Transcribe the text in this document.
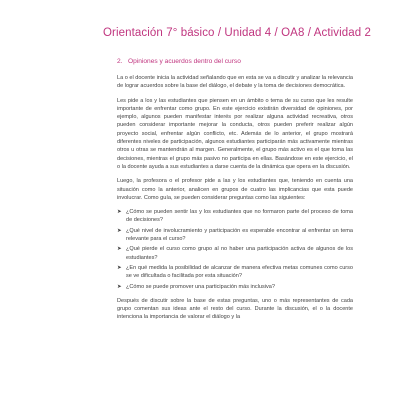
Orientación 7° básico / Unidad 4 / OA8 / Actividad 2
2.   Opiniones y acuerdos dentro del curso

La o el docente inicia la actividad señalando que en esta se va a discutir y analizar la relevancia de lograr acuerdos sobre la base del diálogo, el debate y la toma de decisiones democrática.

Les pide a los y las estudiantes que piensen en un ámbito o tema de su curso que les resulte importante de enfrentar como grupo. En este ejercicio existirán diversidad de opiniones, por ejemplo, algunos pueden manifestar interés por realizar alguna actividad recreativa, otros pueden considerar importante mejorar la conducta, otros pueden preferir realizar algún proyecto social, enfrentar algún conflicto, etc. Además de lo anterior, el grupo mostrará diferentes niveles de participación, algunos estudiantes participarán más activamente mientras otros u otras se mantendrán al margen. Generalmente, el grupo más activo es el que toma las decisiones, mientras el grupo más pasivo no participa en ellas. Basándose en este ejercicio, el o la docente ayuda a sus estudiantes a darse cuenta de la dinámica que opera en la discusión.

Luego, la profesora o el profesor pide a las y los estudiantes que, teniendo en cuenta una situación como la anterior, analicen en grupos de cuatro las implicancias que esta puede involucrar. Como guía, se pueden considerar preguntas como las siguientes:

➤ ¿Cómo se pueden sentir las y los estudiantes que no formaron parte del proceso de toma de decisiones?
➤ ¿Qué nivel de involucramiento y participación es esperable encontrar al enfrentar un tema relevante para el curso?
➤ ¿Qué pierde el curso como grupo al no haber una participación activa de algunos de los estudiantes?
➤ ¿En qué medida la posibilidad de alcanzar de manera efectiva metas comunes como curso se ve dificultada o facilitada por esta situación?
➤ ¿Cómo se puede promover una participación más inclusiva?

Después de discutir sobre la base de estas preguntas, uno o más representantes de cada grupo comentan sus ideas ante el resto del curso. Durante la discusión, el o la docente intenciona la importancia de valorar el diálogo y la
